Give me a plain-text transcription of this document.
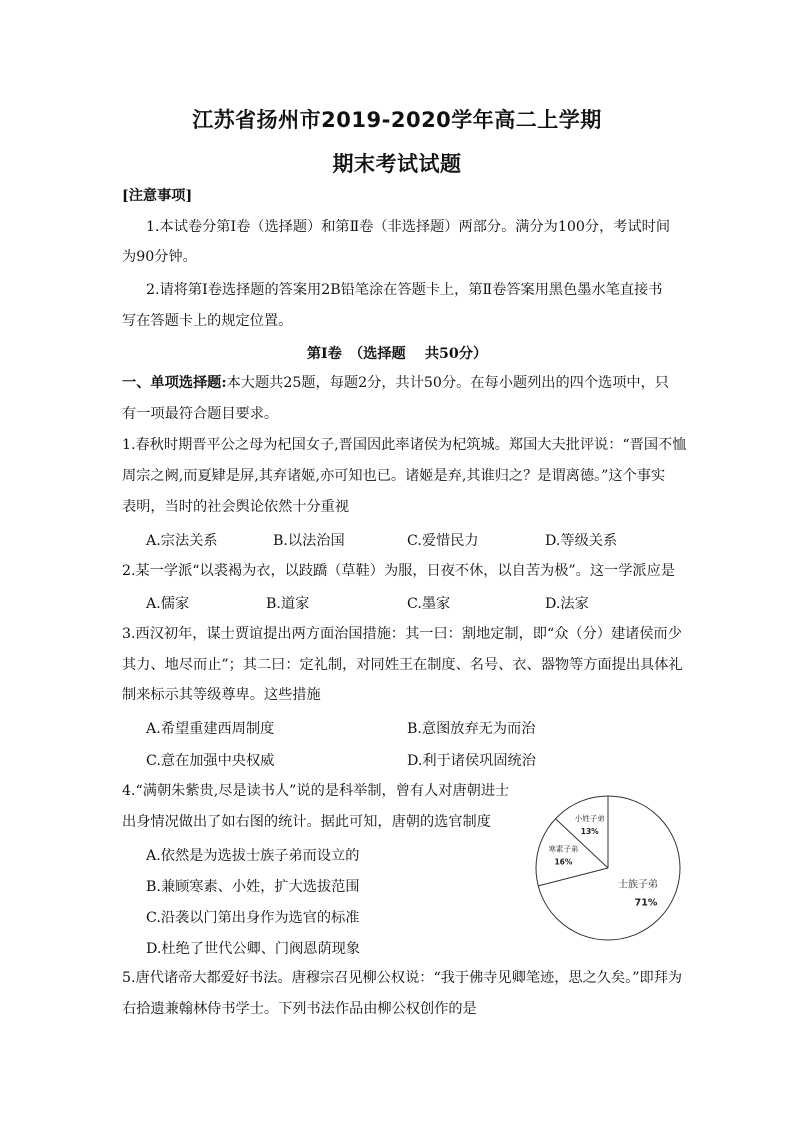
江苏省扬州市2019-2020学年高二上学期
期末考试试题
[注意事项]
1.本试卷分第Ⅰ卷（选择题）和第Ⅱ卷（非选择题）两部分。满分为100分，考试时间
为90分钟。
2.请将第Ⅰ卷选择题的答案用2B铅笔涂在答题卡上，第Ⅱ卷答案用黑色墨水笔直接书
写在答题卡上的规定位置。
第Ⅰ卷　（选择题　 共50分）
一、单项选择题:本大题共25题，每题2分，共计50分。在每小题列出的四个选项中，只
有一项最符合题目要求。
1.春秋时期晋平公之母为杞国女子,晋国因此率诸侯为杞筑城。郑国大夫批评说：“晋国不恤
周宗之阙,而夏肄是屏,其弃诸姬,亦可知也已。诸姬是弃,其谁归之？是谓离德。”这个事实
表明，当时的社会舆论依然十分重视
A.宗法关系	B.以法治国	C.爱惜民力	D.等级关系
2.某一学派“以裘褐为衣，以跂蹻（草鞋）为服，日夜不休，以自苦为极”。这一学派应是
A.儒家	B.道家	C.墨家	D.法家
3.西汉初年，谋士贾谊提出两方面治国措施：其一曰：割地定制，即“众（分）建诸侯而少
其力、地尽而止”；其二曰：定礼制，对同姓王在制度、名号、衣、器物等方面提出具体礼
制来标示其等级尊卑。这些措施
A.希望重建西周制度	B.意图放弃无为而治
C.意在加强中央权威	D.利于诸侯巩固统治
4.“满朝朱紫贵,尽是读书人”说的是科举制，曾有人对唐朝进士
出身情况做出了如右图的统计。据此可知，唐朝的选官制度
A.依然是为选拔士族子弟而设立的
B.兼顾寒素、小姓，扩大选拔范围
C.沿袭以门第出身作为选官的标准
D.杜绝了世代公卿、门阀恩荫现象
士族子弟
71%
寒素子弟
16%
小姓子弟
13%
5.唐代诸帝大都爱好书法。唐穆宗召见柳公权说：“我于佛寺见卿笔迹，思之久矣。”即拜为
右拾遗兼翰林侍书学士。下列书法作品由柳公权创作的是
